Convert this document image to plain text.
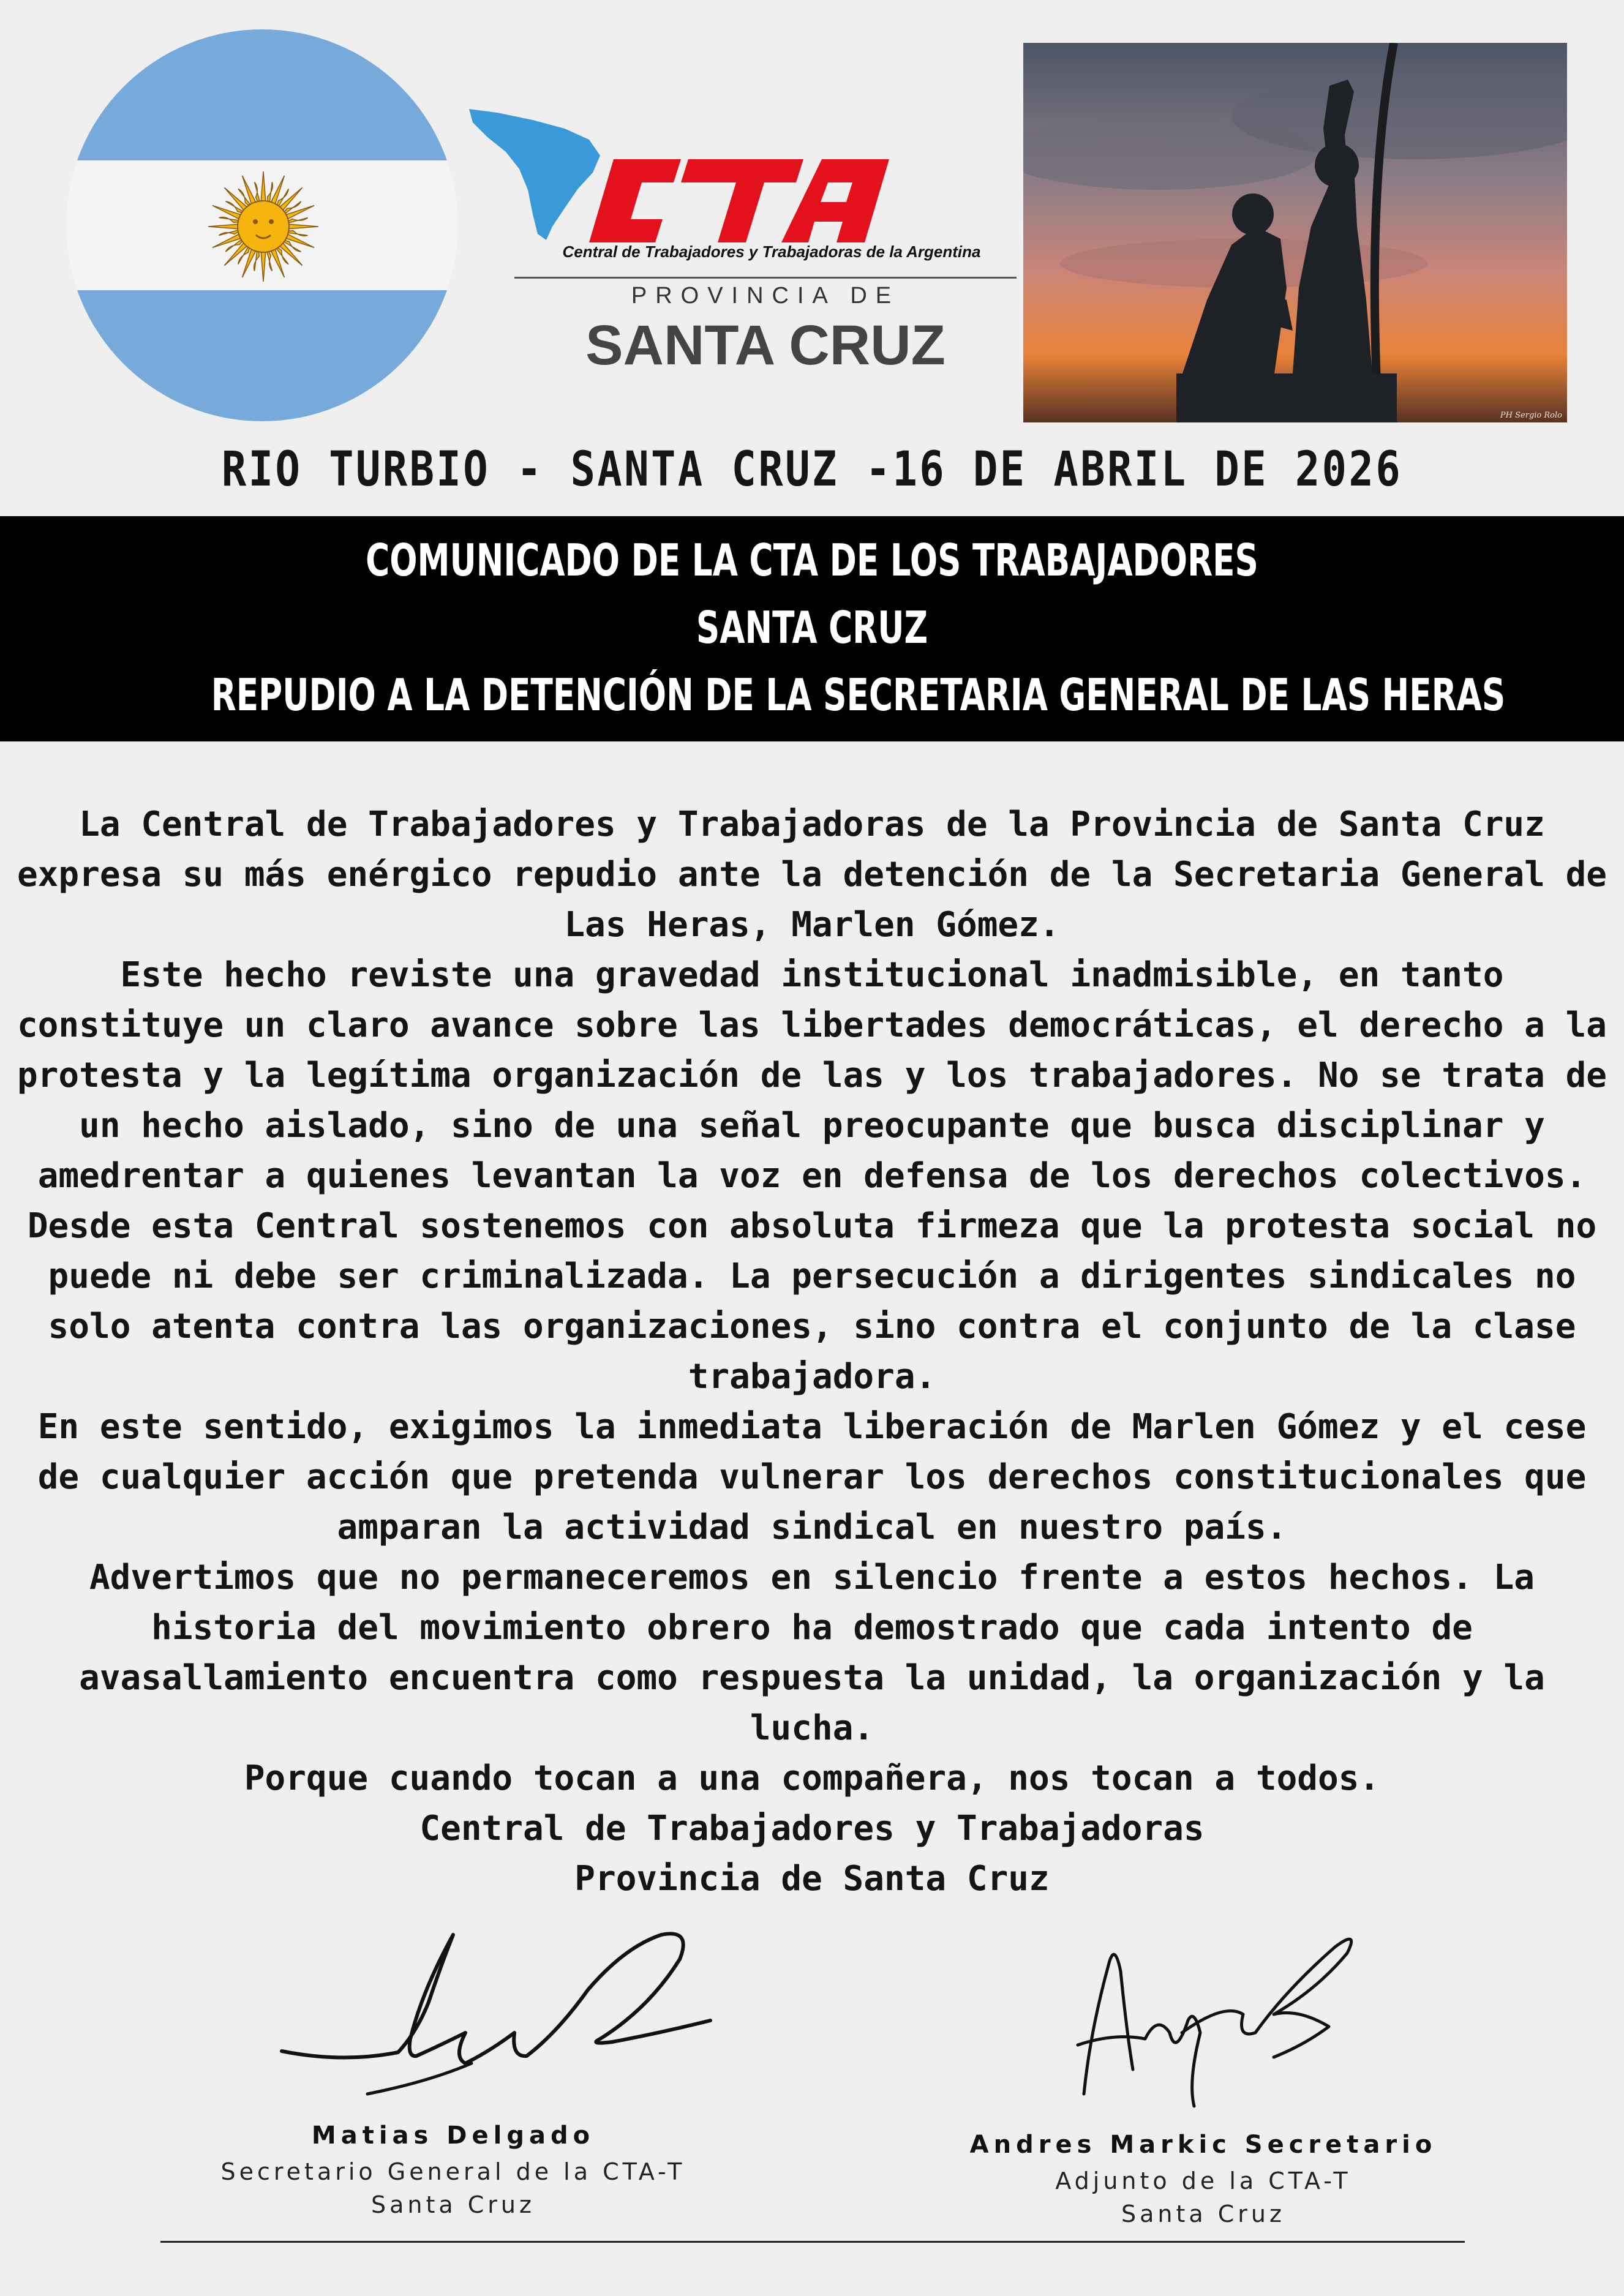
Central de Trabajadores y Trabajadoras de la Argentina
PROVINCIA DE
SANTA CRUZ
PH Sergio Rolo
RIO TURBIO - SANTA CRUZ -16 DE ABRIL DE 2026
COMUNICADO DE LA CTA DE LOS TRABAJADORES
SANTA CRUZ
REPUDIO A LA DETENCIÓN DE LA SECRETARIA GENERAL DE LAS HERAS

La Central de Trabajadores y Trabajadoras de la Provincia de Santa Cruz expresa su más enérgico repudio ante la detención de la Secretaria General de Las Heras, Marlen Gómez.

Este hecho reviste una gravedad institucional inadmisible, en tanto constituye un claro avance sobre las libertades democráticas, el derecho a la protesta y la legítima organización de las y los trabajadores. No se trata de un hecho aislado, sino de una señal preocupante que busca disciplinar y amedrentar a quienes levantan la voz en defensa de los derechos colectivos.

Desde esta Central sostenemos con absoluta firmeza que la protesta social no puede ni debe ser criminalizada. La persecución a dirigentes sindicales no solo atenta contra las organizaciones, sino contra el conjunto de la clase trabajadora.

En este sentido, exigimos la inmediata liberación de Marlen Gómez y el cese de cualquier acción que pretenda vulnerar los derechos constitucionales que amparan la actividad sindical en nuestro país.

Advertimos que no permaneceremos en silencio frente a estos hechos. La historia del movimiento obrero ha demostrado que cada intento de avasallamiento encuentra como respuesta la unidad, la organización y la lucha.

Porque cuando tocan a una compañera, nos tocan a todos.

Central de Trabajadores y Trabajadoras

Provincia de Santa Cruz

Matias Delgado
Secretario General de la CTA-T
Santa Cruz
Andres Markic Secretario
Adjunto de la CTA-T
Santa Cruz
